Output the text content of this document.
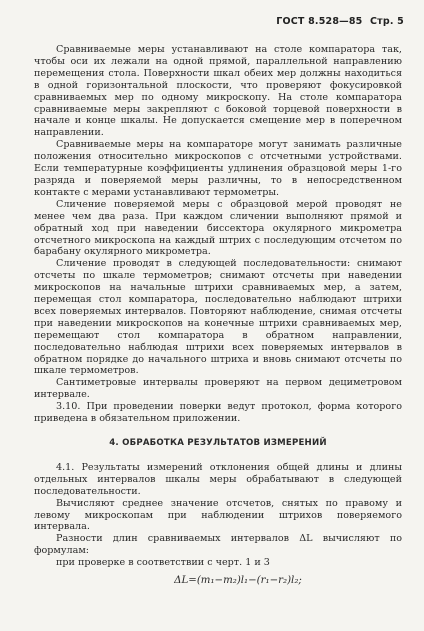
ГОСТ 8.528—85 Стр. 5

Сравниваемые меры устанавливают на столе компаратора так, чтобы оси их лежали на одной прямой, параллельной направлению перемещения стола. Поверхности шкал обеих мер должны находиться в одной горизонтальной плоскости, что проверяют фокусировкой сравниваемых мер по одному микроскопу. На столе компаратора сравниваемые меры закрепляют с боковой торцевой поверхности в начале и конце шкалы. Не допускается смещение мер в поперечном направлении.

Сравниваемые меры на компараторе могут занимать различные положения относительно микроскопов с отсчетными устройствами. Если температурные коэффициенты удлинения образцовой меры 1-го разряда и поверяемой меры различны, то в непосредственном контакте с мерами устанавливают термометры.

Сличение поверяемой меры с образцовой мерой проводят не менее чем два раза. При каждом сличении выполняют прямой и обратный ход при наведении биссектора окулярного микрометра отсчетного микроскопа на каждый штрих с последующим отсчетом по барабану окулярного микрометра.

Сличение проводят в следующей последовательности: снимают отсчеты по шкале термометров; снимают отсчеты при наведении микроскопов на начальные штрихи сравниваемых мер, а затем, перемещая стол компаратора, последовательно наблюдают штрихи всех поверяемых интервалов. Повторяют наблюдение, снимая отсчеты при наведении микроскопов на конечные штрихи сравниваемых мер, перемещают стол компаратора в обратном направлении, последовательно наблюдая штрихи всех поверяемых интервалов в обратном порядке до начального штриха и вновь снимают отсчеты по шкале термометров.

Сантиметровые интервалы проверяют на первом дециметровом интервале.

3.10. При проведении поверки ведут протокол, форма которого приведена в обязательном приложении.

4. ОБРАБОТКА РЕЗУЛЬТАТОВ ИЗМЕРЕНИЙ

4.1. Результаты измерений отклонения общей длины и длины отдельных интервалов шкалы меры обрабатывают в следующей последовательности.

Вычисляют среднее значение отсчетов, снятых по правому и левому микроскопам при наблюдении штрихов поверяемого интервала.

Разности длин сравниваемых интервалов ΔL вычисляют по формулам:

при проверке в соответствии с черт. 1 и 3

ΔL=(m₁−m₂)l₁−(r₁−r₂)l₂;
